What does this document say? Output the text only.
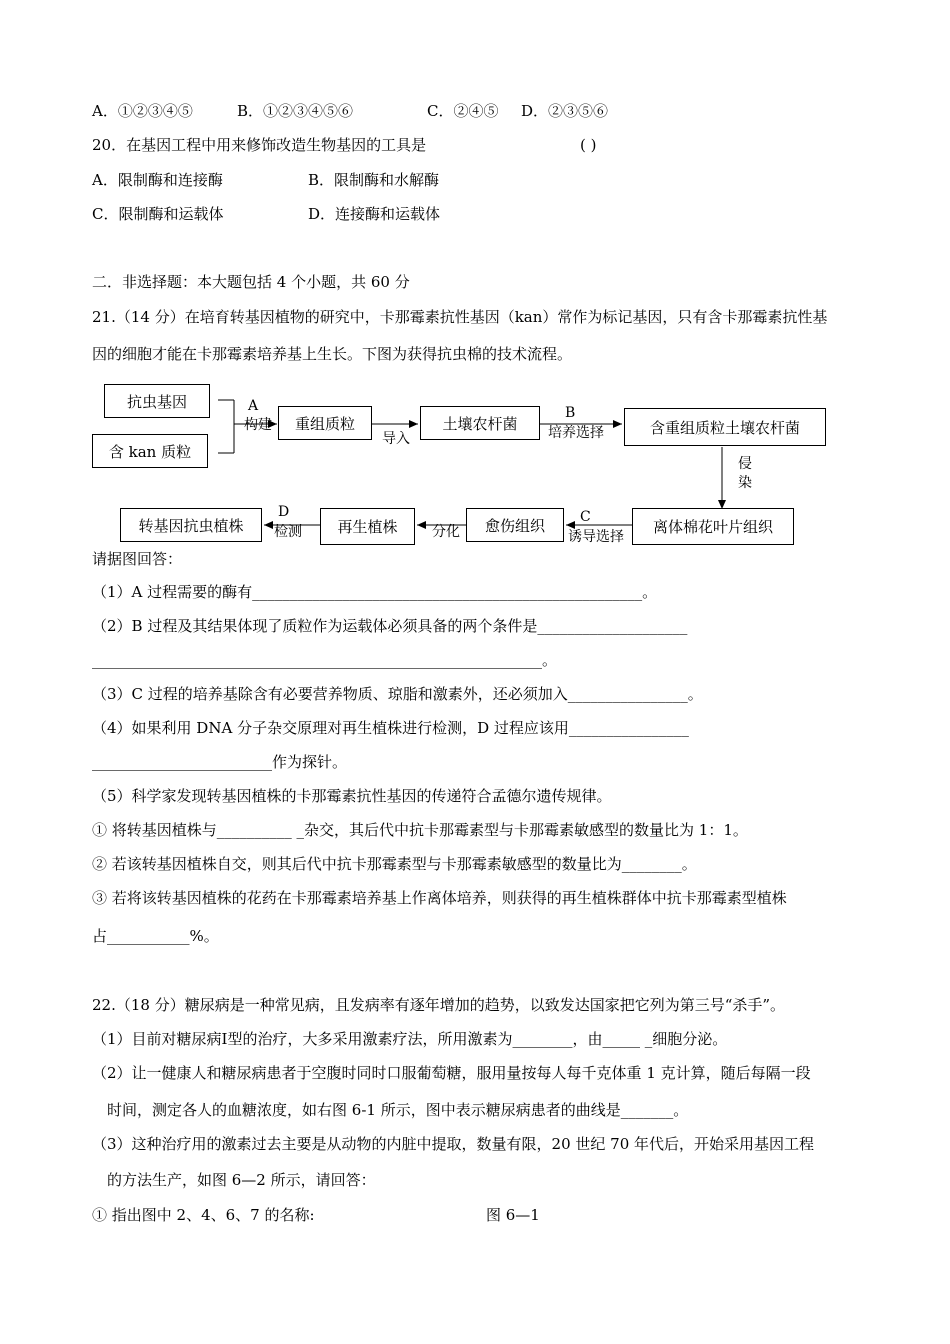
A．①②③④⑤	B．①②③④⑤⑥	C．②④⑤ D．②③⑤⑥
20．在基因工程中用来修饰改造生物基因的工具是	( )
A．限制酶和连接酶	B．限制酶和水解酶
C．限制酶和运载体	D．连接酶和运载体
二．非选择题：本大题包括 4 个小题，共 60 分
21.（14 分）在培育转基因植物的研究中，卡那霉素抗性基因（kan）常作为标记基因，只有含卡那霉素抗性基
因的细胞才能在卡那霉素培养基上生长。下图为获得抗虫棉的技术流程。
抗虫基因
含 kan 质粒
重组质粒	土壤农杆菌	含重组质粒土壤农杆菌
离体棉花叶片组织
愈伤组织
再生植株
转基因抗虫植株
A
构建
导入
B
培养选择
侵
染
C
诱导选择
分化
D
检测
请据图回答：
（1）A 过程需要的酶有____________________________________________________。
（2）B 过程及其结果体现了质粒作为运载体必须具备的两个条件是____________________
____________________________________________________________。
（3）C 过程的培养基除含有必要营养物质、琼脂和激素外，还必须加入________________。
（4）如果利用 DNA 分子杂交原理对再生植株进行检测，D 过程应该用________________
________________________作为探针。
（5）科学家发现转基因植株的卡那霉素抗性基因的传递符合孟德尔遗传规律。
① 将转基因植株与__________ _杂交，其后代中抗卡那霉素型与卡那霉素敏感型的数量比为 1：1。
② 若该转基因植株自交，则其后代中抗卡那霉素型与卡那霉素敏感型的数量比为________。
③ 若将该转基因植株的花药在卡那霉素培养基上作离体培养，则获得的再生植株群体中抗卡那霉素型植株
占___________%。
22.（18 分）糖尿病是一种常见病，且发病率有逐年增加的趋势，以致发达国家把它列为第三号“杀手”。
（1）目前对糖尿病Ⅰ型的治疗，大多采用激素疗法，所用激素为________，由_____ _细胞分泌。
（2）让一健康人和糖尿病患者于空腹时同时口服葡萄糖，服用量按每人每千克体重 1 克计算，随后每隔一段
时间，测定各人的血糖浓度，如右图 6-1 所示，图中表示糖尿病患者的曲线是_______。
（3）这种治疗用的激素过去主要是从动物的内脏中提取，数量有限，20 世纪 70 年代后，开始采用基因工程
的方法生产，如图 6—2 所示，请回答：
① 指出图中 2、4、6、7 的名称:	图 6—1
